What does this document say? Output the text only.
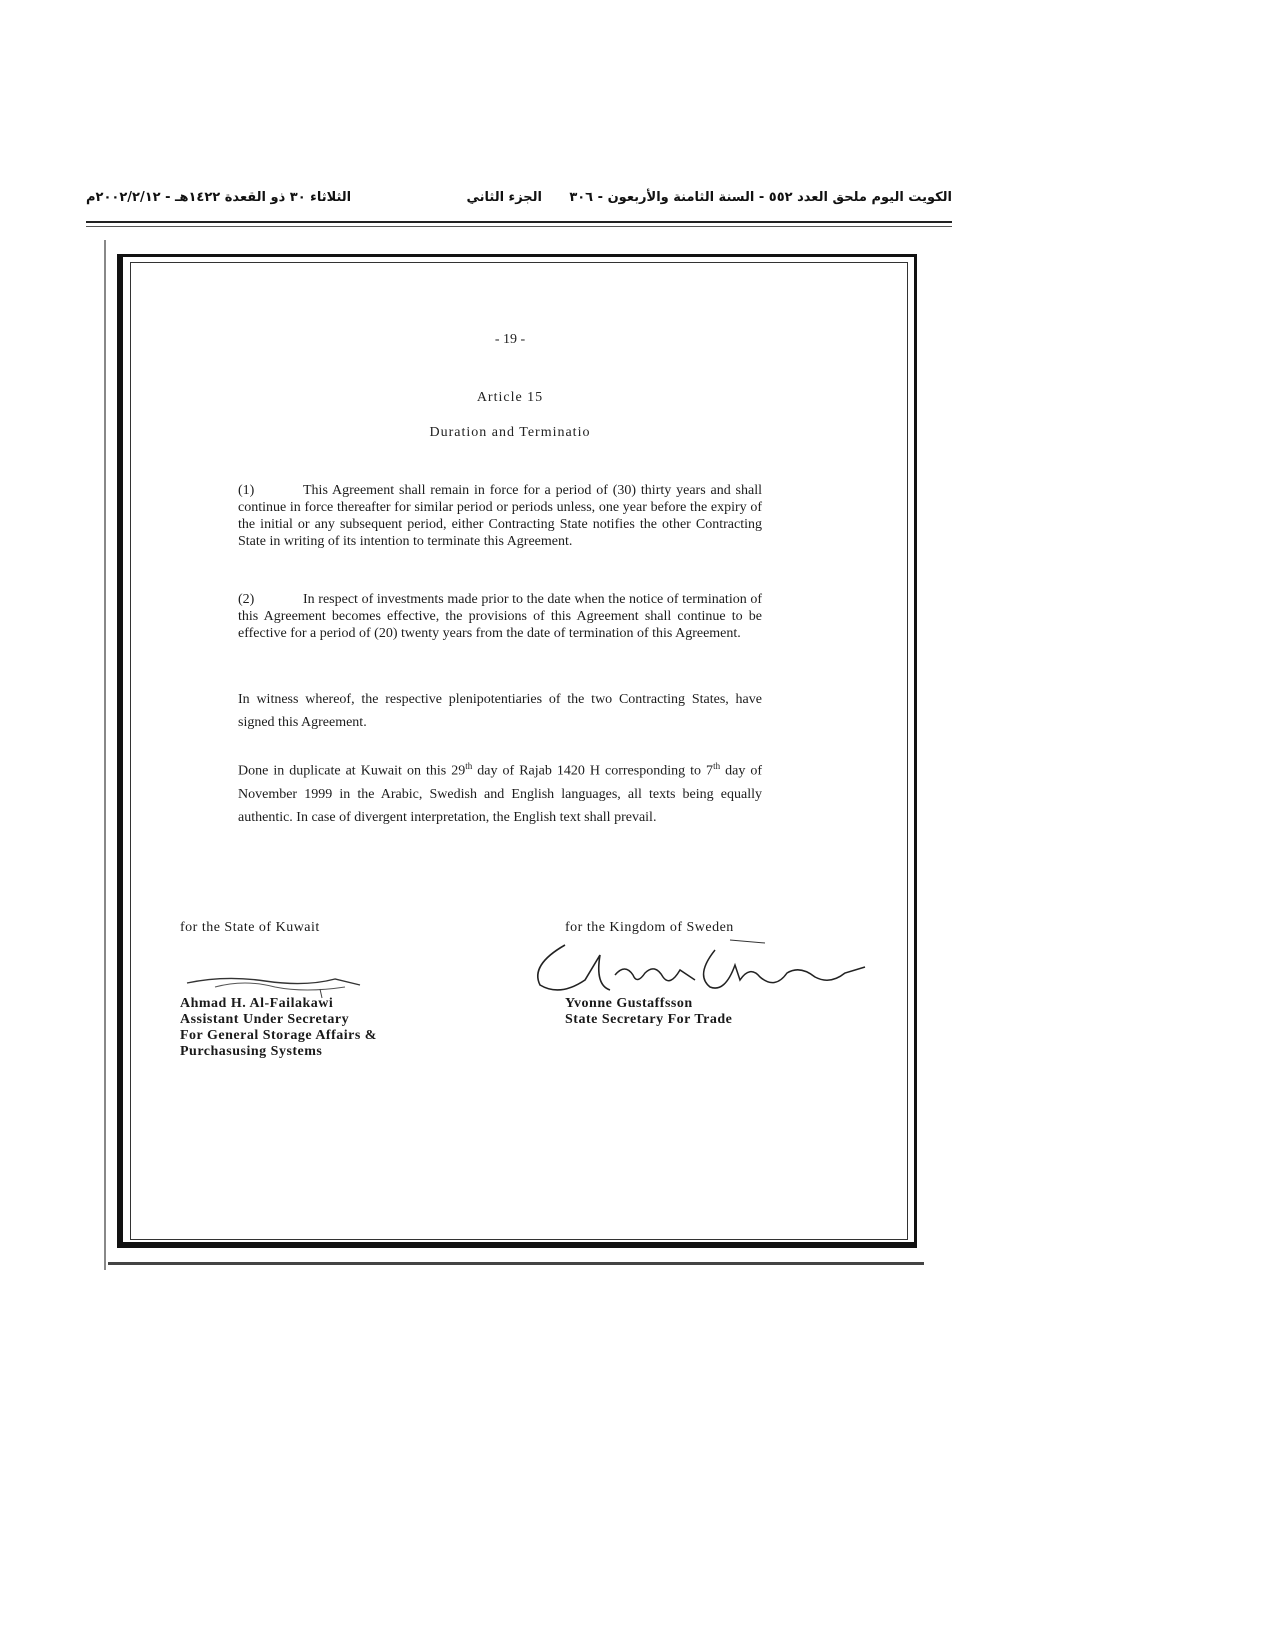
الكويت اليوم ملحق العدد ٥٥٢ - السنة الثامنة والأربعون - ٣٠٦
الجزء الثاني
الثلاثاء ٣٠ ذو القعدة ١٤٢٢هـ - ٢٠٠٢/٢/١٢م
- 19 -
Article 15
Duration and Terminatio
(1)	This Agreement shall remain in force for a period of (30) thirty years and shall continue in force thereafter for similar period or periods unless, one year before the expiry of the initial or any subsequent period, either Contracting State notifies the other Contracting State in writing of its intention to terminate this Agreement.
(2)	In respect of investments made prior to the date when the notice of termination of this Agreement becomes effective, the provisions of this Agreement shall continue to be effective for a period of (20) twenty years from the date of termination of this Agreement.
In witness whereof, the respective plenipotentiaries of the two Contracting States, have signed this Agreement.
Done in duplicate at Kuwait on this 29th day of Rajab 1420 H corresponding to 7th day of November 1999 in the Arabic, Swedish and English languages, all texts being equally authentic. In case of divergent interpretation, the English text shall prevail.
for the State of Kuwait
Ahmad H. Al-Failakawi
Assistant Under Secretary
For General Storage Affairs &
Purchasusing Systems
for the Kingdom of Sweden
Yvonne Gustaffsson
State Secretary For Trade
